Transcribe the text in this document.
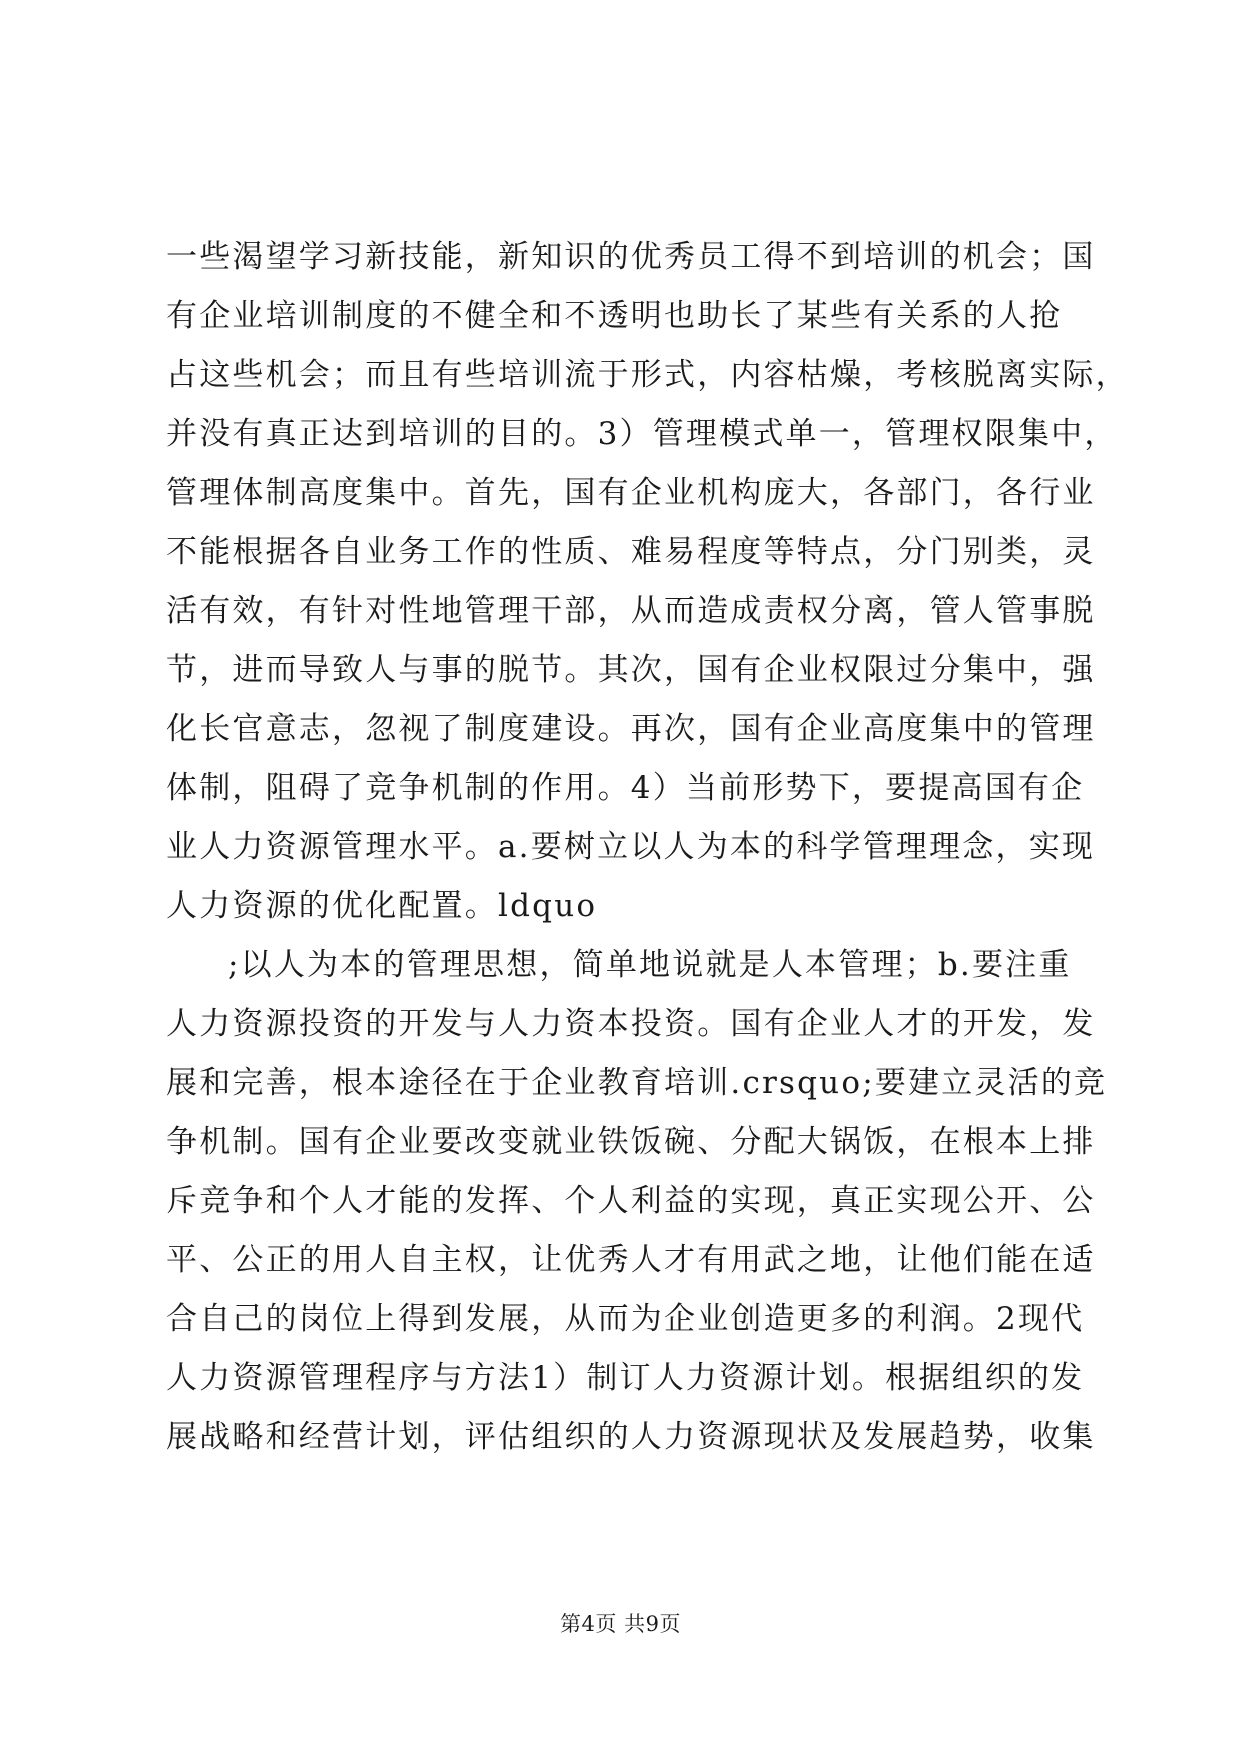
一些渴望学习新技能，新知识的优秀员工得不到培训的机会；国
有企业培训制度的不健全和不透明也助长了某些有关系的人抢
占这些机会；而且有些培训流于形式，内容枯燥，考核脱离实际，
并没有真正达到培训的目的。3）管理模式单一，管理权限集中，
管理体制高度集中。首先，国有企业机构庞大，各部门，各行业
不能根据各自业务工作的性质、难易程度等特点，分门别类，灵
活有效，有针对性地管理干部，从而造成责权分离，管人管事脱
节，进而导致人与事的脱节。其次，国有企业权限过分集中，强
化长官意志，忽视了制度建设。再次，国有企业高度集中的管理
体制，阻碍了竞争机制的作用。4）当前形势下，要提高国有企
业人力资源管理水平。a.要树立以人为本的科学管理理念，实现
人力资源的优化配置。ldquo
;以人为本的管理思想，简单地说就是人本管理；b.要注重
人力资源投资的开发与人力资本投资。国有企业人才的开发，发
展和完善，根本途径在于企业教育培训.crsquo;要建立灵活的竞
争机制。国有企业要改变就业铁饭碗、分配大锅饭，在根本上排
斥竞争和个人才能的发挥、个人利益的实现，真正实现公开、公
平、公正的用人自主权，让优秀人才有用武之地，让他们能在适
合自己的岗位上得到发展，从而为企业创造更多的利润。2现代
人力资源管理程序与方法1）制订人力资源计划。根据组织的发
展战略和经营计划，评估组织的人力资源现状及发展趋势，收集
第4页 共9页
